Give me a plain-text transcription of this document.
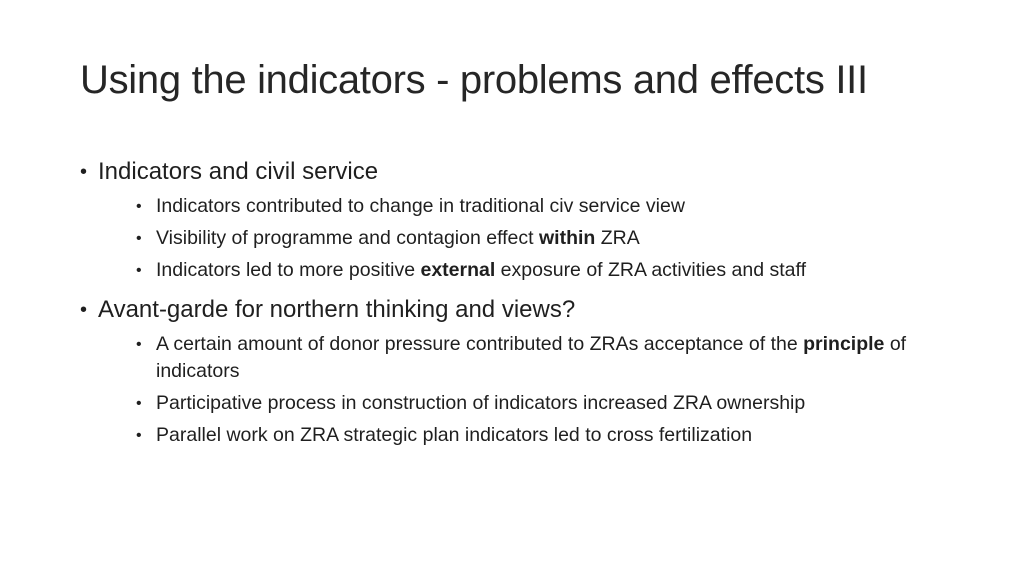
Using the indicators - problems and effects III
• Indicators and civil service
• Indicators contributed to change in traditional civ service view
• Visibility of programme and contagion effect within ZRA
• Indicators led to more positive external exposure of ZRA activities and staff
• Avant-garde for northern thinking and views?
• A certain amount of donor pressure contributed to ZRAs acceptance of the principle of indicators
• Participative process in construction of indicators increased ZRA ownership
• Parallel work on ZRA strategic plan indicators led to cross fertilization
